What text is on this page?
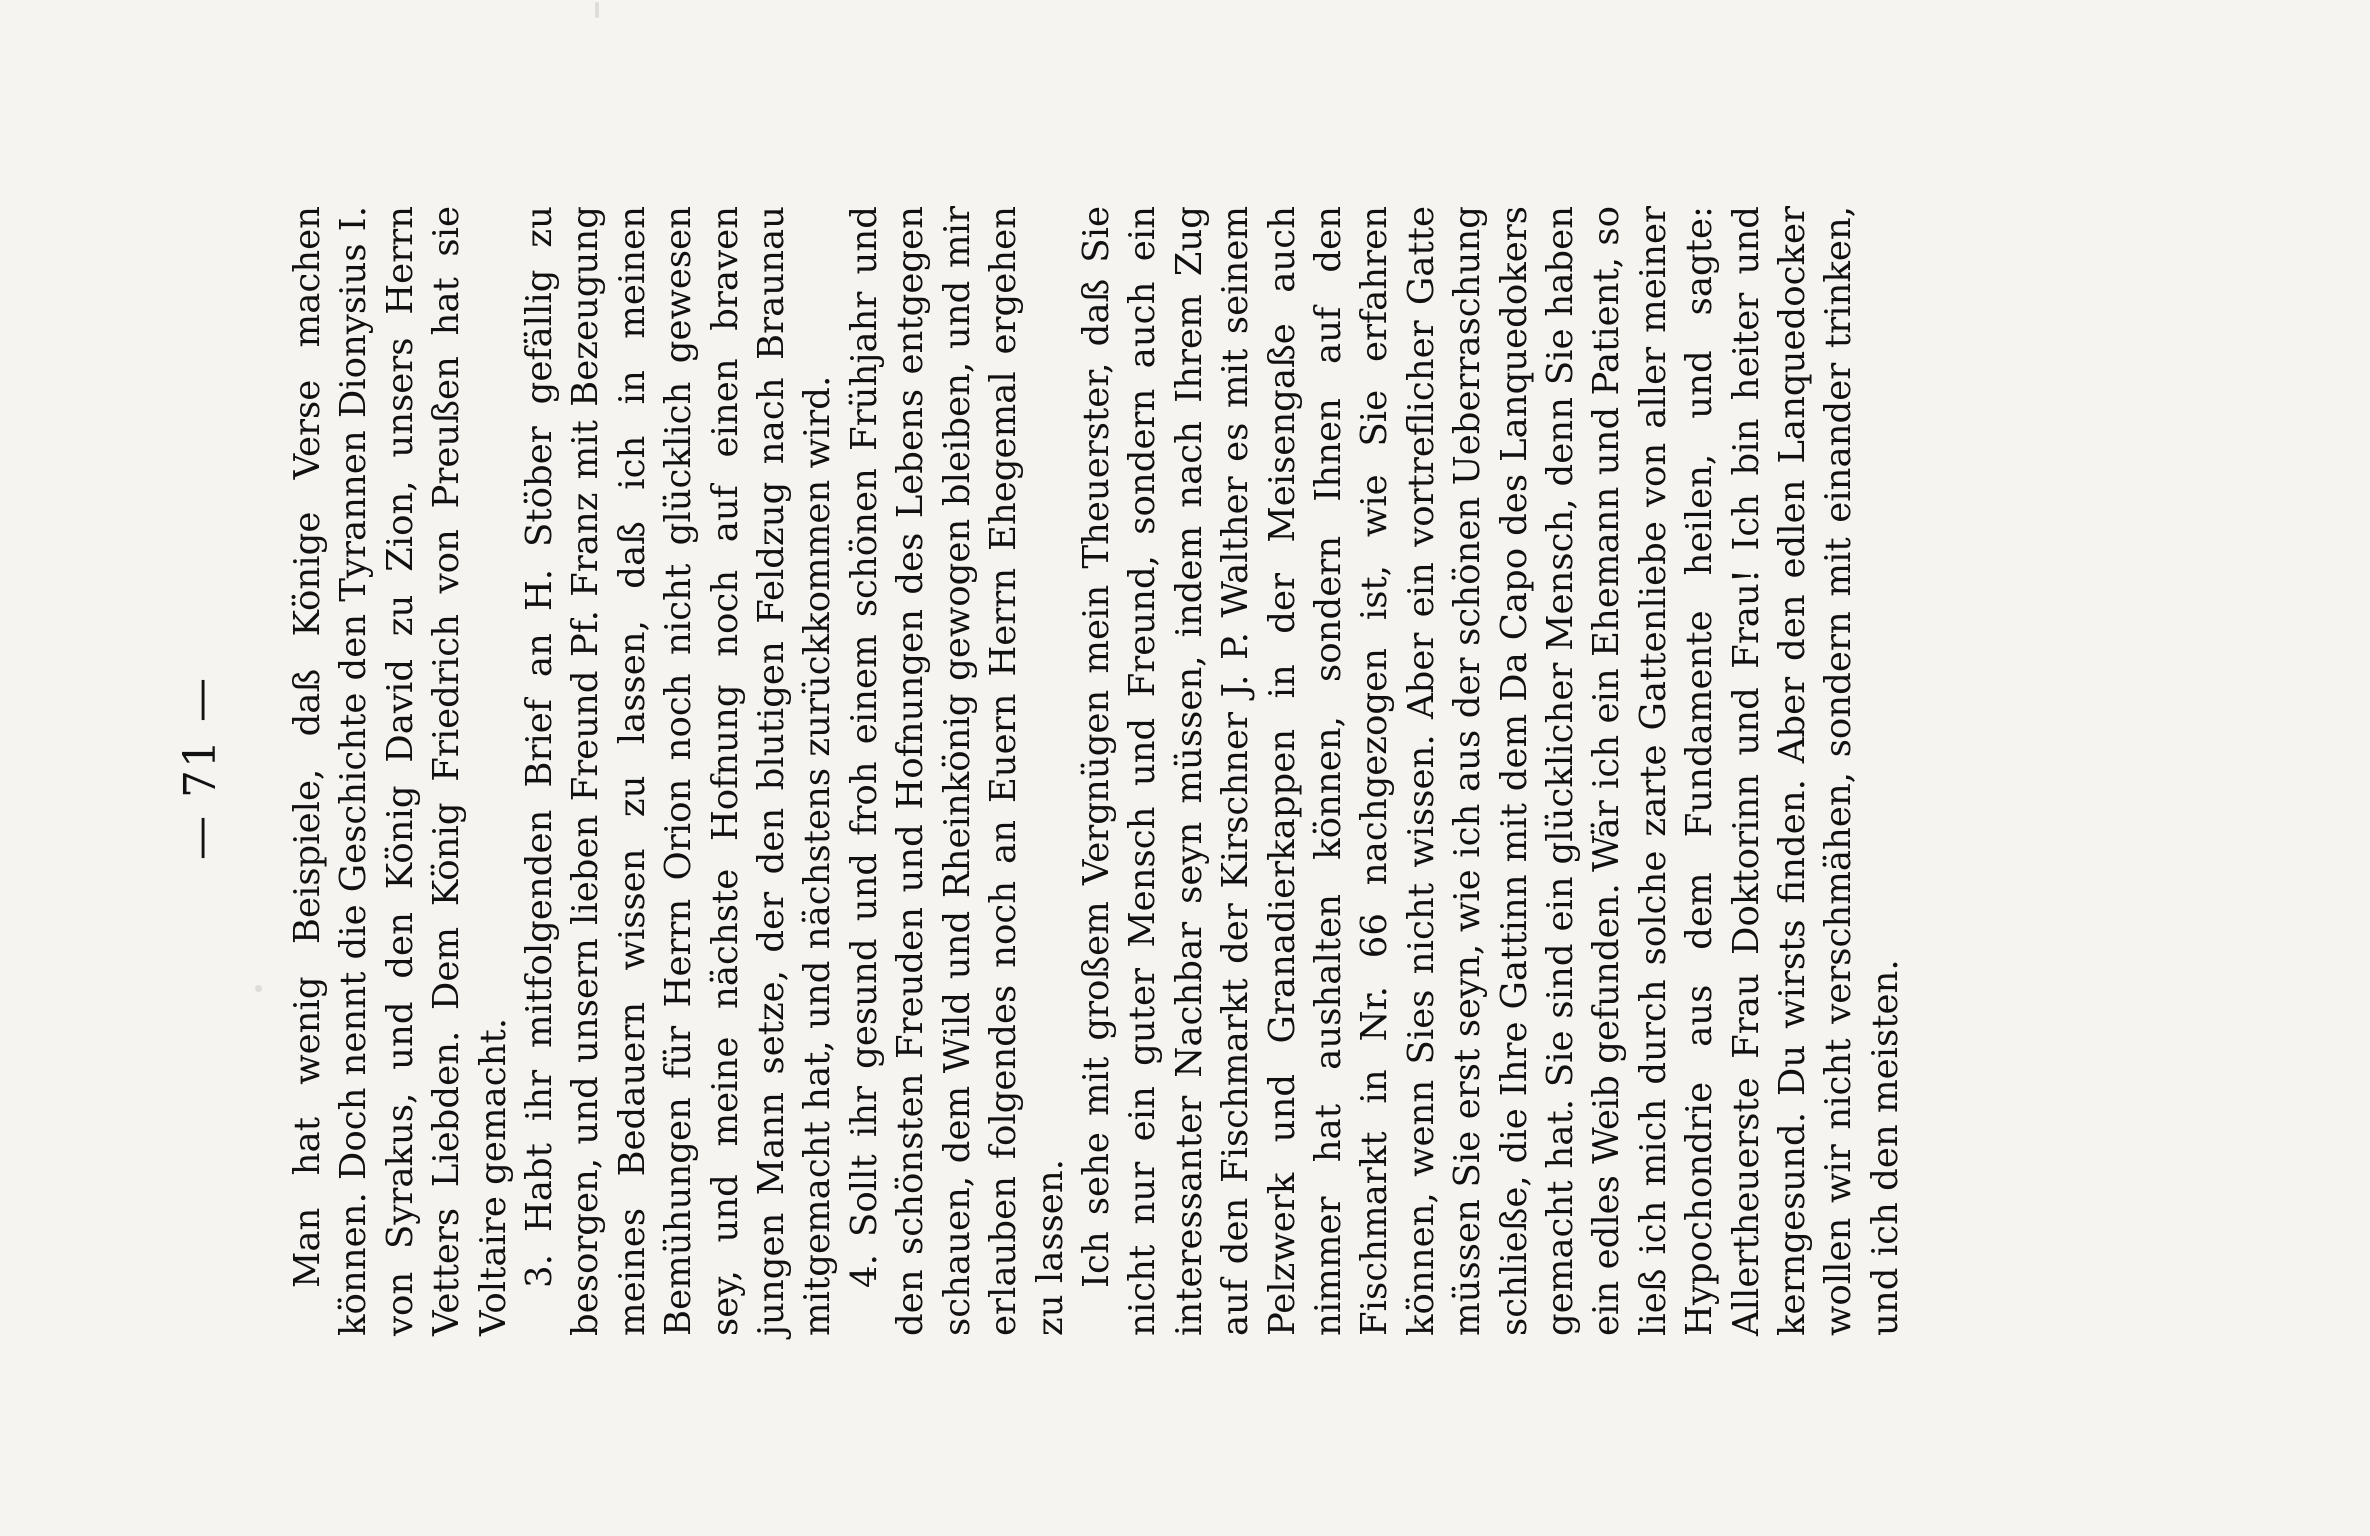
— 71 — Man hat wenig Beispiele, daß Könige Verse machen können. Doch nennt die Geschichte den Tyrannen Dionysius I. von Syrakus, und den König David zu Zion, unsers Herrn Vetters Liebden. Dem König Friedrich von Preußen hat sie Voltaire gemacht. 3. Habt ihr mitfolgenden Brief an H. Stöber gefällig zu besorgen, und unsern lieben Freund Pf. Franz mit Bezeugung meines Bedauern wissen zu lassen, daß ich in meinen Bemühungen für Herrn Orion noch nicht glücklich gewesen sey, und meine nächste Hofnung noch auf einen braven jungen Mann setze, der den blutigen Feldzug nach Braunau mitgemacht hat, und nächstens zurückkommen wird. 4. Sollt ihr gesund und froh einem schönen Frühjahr und den schönsten Freuden und Hofnungen des Lebens entgegen schauen, dem Wild und Rheinkönig gewogen bleiben, und mir erlauben folgendes noch an Euern Herrn Ehegemal ergehen zu lassen. Ich sehe mit großem Vergnügen mein Theuerster, daß Sie nicht nur ein guter Mensch und Freund, sondern auch ein interessanter Nachbar seyn müssen, indem nach Ihrem Zug auf den Fischmarkt der Kirschner J. P. Walther es mit seinem Pelzwerk und Granadierkappen in der Meisengaße auch nimmer hat aushalten können, sondern Ihnen auf den Fischmarkt in Nr. 66 nachgezogen ist, wie Sie erfahren können, wenn Sies nicht wissen. Aber ein vortreflicher Gatte müssen Sie erst seyn, wie ich aus der schönen Ueberraschung schließe, die Ihre Gattinn mit dem Da Capo des Lanquedokers gemacht hat. Sie sind ein glücklicher Mensch, denn Sie haben ein edles Weib gefunden. Wär ich ein Ehemann und Patient, so ließ ich mich durch solche zarte Gattenliebe von aller meiner Hypochondrie aus dem Fundamente heilen, und sagte: Allertheuerste Frau Doktorinn und Frau! Ich bin heiter und kerngesund. Du wirsts finden. Aber den edlen Lanquedocker wollen wir nicht verschmähen, sondern mit einander trinken, und ich den meisten.
